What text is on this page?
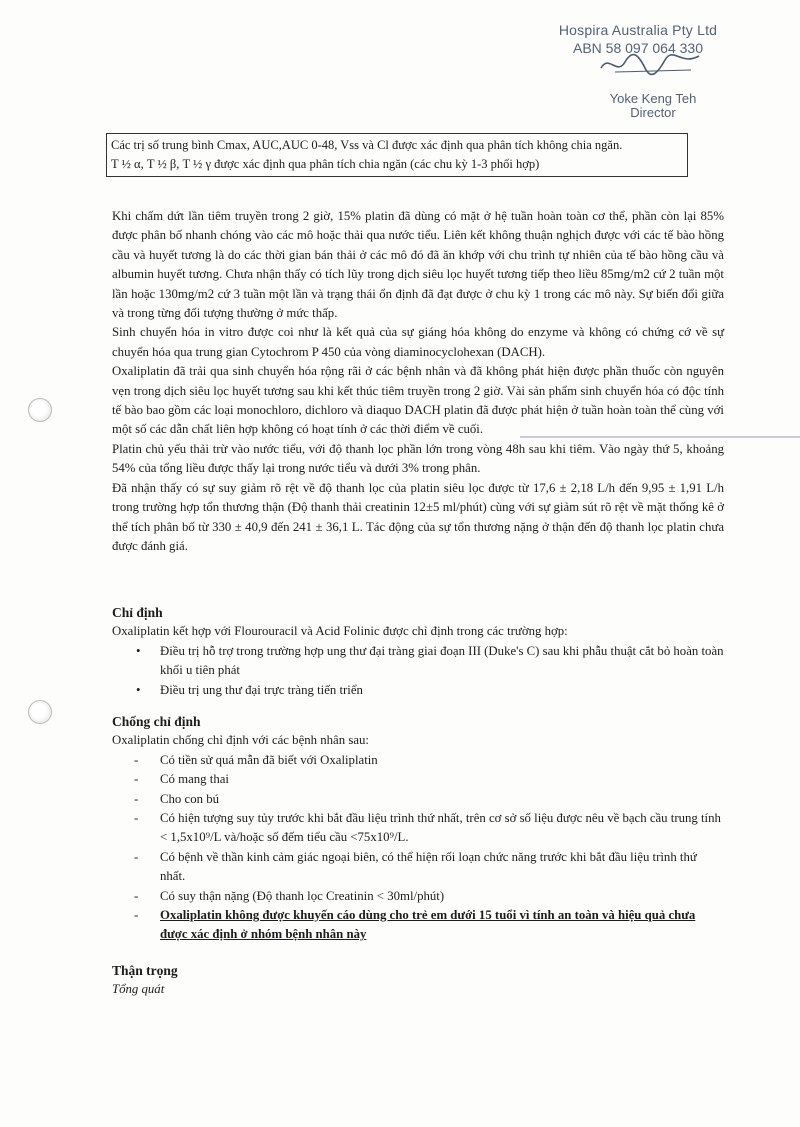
Hospira Australia Pty Ltd
ABN 58 097 064 330
Yoke Keng Teh
Director
Các trị số trung bình Cmax, AUC,AUC 0-48, Vss và Cl được xác định qua phân tích không chia ngăn.
T ½ α, T ½ β, T ½ γ được xác định qua phân tích chia ngăn (các chu kỳ 1-3 phối hợp)

Khi chấm dứt lần tiêm truyền trong 2 giờ, 15% platin đã dùng có mặt ở hệ tuần hoàn toàn cơ thể, phần còn lại 85% được phân bố nhanh chóng vào các mô hoặc thải qua nước tiểu. Liên kết không thuận nghịch được với các tế bào hồng cầu và huyết tương là do các thời gian bán thải ở các mô đó đã ăn khớp với chu trình tự nhiên của tế bào hồng cầu và albumin huyết tương. Chưa nhận thấy có tích lũy trong dịch siêu lọc huyết tương tiếp theo liều 85mg/m2 cứ 2 tuần một lần hoặc 130mg/m2 cứ 3 tuần một lần và trạng thái ổn định đã đạt được ở chu kỳ 1 trong các mô này. Sự biến đổi giữa và trong từng đối tượng thường ở mức thấp.

Sinh chuyển hóa in vitro được coi như là kết quả của sự giáng hóa không do enzyme và không có chứng cớ về sự chuyển hóa qua trung gian Cytochrom P 450 của vòng diaminocyclohexan (DACH).

Oxaliplatin đã trải qua sinh chuyển hóa rộng rãi ở các bệnh nhân và đã không phát hiện được phần thuốc còn nguyên vẹn trong dịch siêu lọc huyết tương sau khi kết thúc tiêm truyền trong 2 giờ. Vài sản phẩm sinh chuyển hóa có độc tính tế bào bao gồm các loại monochloro, dichloro và diaquo DACH platin đã được phát hiện ở tuần hoàn toàn thể cùng với một số các dẫn chất liên hợp không có hoạt tính ở các thời điểm về cuối.

Platin chủ yếu thải trừ vào nước tiểu, với độ thanh lọc phần lớn trong vòng 48h sau khi tiêm. Vào ngày thứ 5, khoảng 54% của tổng liều được thấy lại trong nước tiểu và dưới 3% trong phân.

Đã nhận thấy có sự suy giảm rõ rệt về độ thanh lọc của platin siêu lọc được từ 17,6 ± 2,18 L/h đến 9,95 ± 1,91 L/h trong trường hợp tổn thương thận (Độ thanh thải creatinin 12±5 ml/phút) cùng với sự giảm sút rõ rệt về mặt thống kê ở thể tích phân bố từ 330 ± 40,9 đến 241 ± 36,1 L. Tác động của sự tổn thương nặng ở thận đến độ thanh lọc platin chưa được đánh giá.

Chỉ định
Oxaliplatin kết hợp với Flourouracil và Acid Folinic được chỉ định trong các trường hợp:
• Điều trị hỗ trợ trong trường hợp ung thư đại tràng giai đoạn III (Duke's C) sau khi phẫu thuật cắt bỏ hoàn toàn khối u tiên phát
• Điều trị ung thư đại trực tràng tiến triển
Chống chỉ định
Oxaliplatin chống chỉ định với các bệnh nhân sau:
- Có tiền sử quá mẫn đã biết với Oxaliplatin
- Có mang thai
- Cho con bú
- Có hiện tượng suy tủy trước khi bắt đầu liệu trình thứ nhất, trên cơ sở số liệu được nêu về bạch cầu trung tính < 1,5x10⁹/L và/hoặc số đếm tiểu cầu <75x10⁹/L.
- Có bệnh về thần kinh cảm giác ngoại biên, có thể hiện rối loạn chức năng trước khi bắt đầu liệu trình thứ nhất.
- Có suy thận nặng (Độ thanh lọc Creatinin < 30ml/phút)
- Oxaliplatin không được khuyến cáo dùng cho trẻ em dưới 15 tuổi vì tính an toàn và hiệu quả chưa được xác định ở nhóm bệnh nhân này
Thận trọng
Tổng quát
